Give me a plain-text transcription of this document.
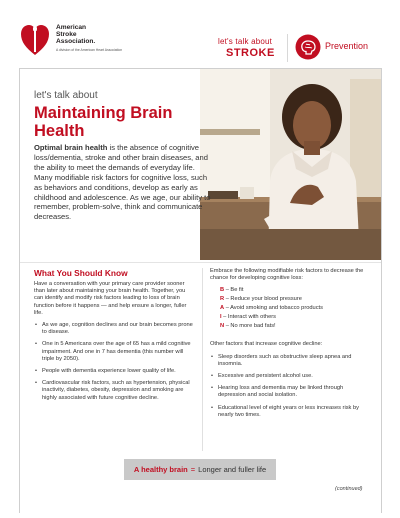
American
Stroke
Association.
A division of the American Heart Association
let's talk about
STROKE
Prevention
let's talk about
Maintaining Brain Health
Optimal brain health is the absence of cognitive loss/dementia, stroke and other brain diseases, and the ability to meet the demands of everyday life. Many modifiable risk factors for cognitive loss, such as behaviors and conditions, develop as early as childhood and adolescence. As we age, our ability to remember, problem-solve, think and communicate decreases.
What You Should Know
Have a conversation with your primary care provider sooner than later about maintaining your brain health. Together, you can identify and modify risk factors leading to loss of brain function before it happens — and help ensure a longer, fuller life.
• As we age, cognition declines and our brain becomes prone to disease.
• One in 5 Americans over the age of 65 has a mild cognitive impairment. And one in 7 has dementia (this number will triple by 2050).
• People with dementia experience lower quality of life.
• Cardiovascular risk factors, such as hypertension, physical inactivity, diabetes, obesity, depression and smoking are highly associated with future cognitive decline.
Embrace the following modifiable risk factors to decrease the chance for developing cognitive loss:
B – Be fit
R – Reduce your blood pressure
A – Avoid smoking and tobacco products
I – Interact with others
N – No more bad fats!
Other factors that increase cognitive decline:
• Sleep disorders such as obstructive sleep apnea and insomnia.
• Excessive and persistent alcohol use.
• Hearing loss and dementia may be linked through depression and social isolation.
• Educational level of eight years or less increases risk by nearly two times.
A healthy brain = Longer and fuller life
(continued)
